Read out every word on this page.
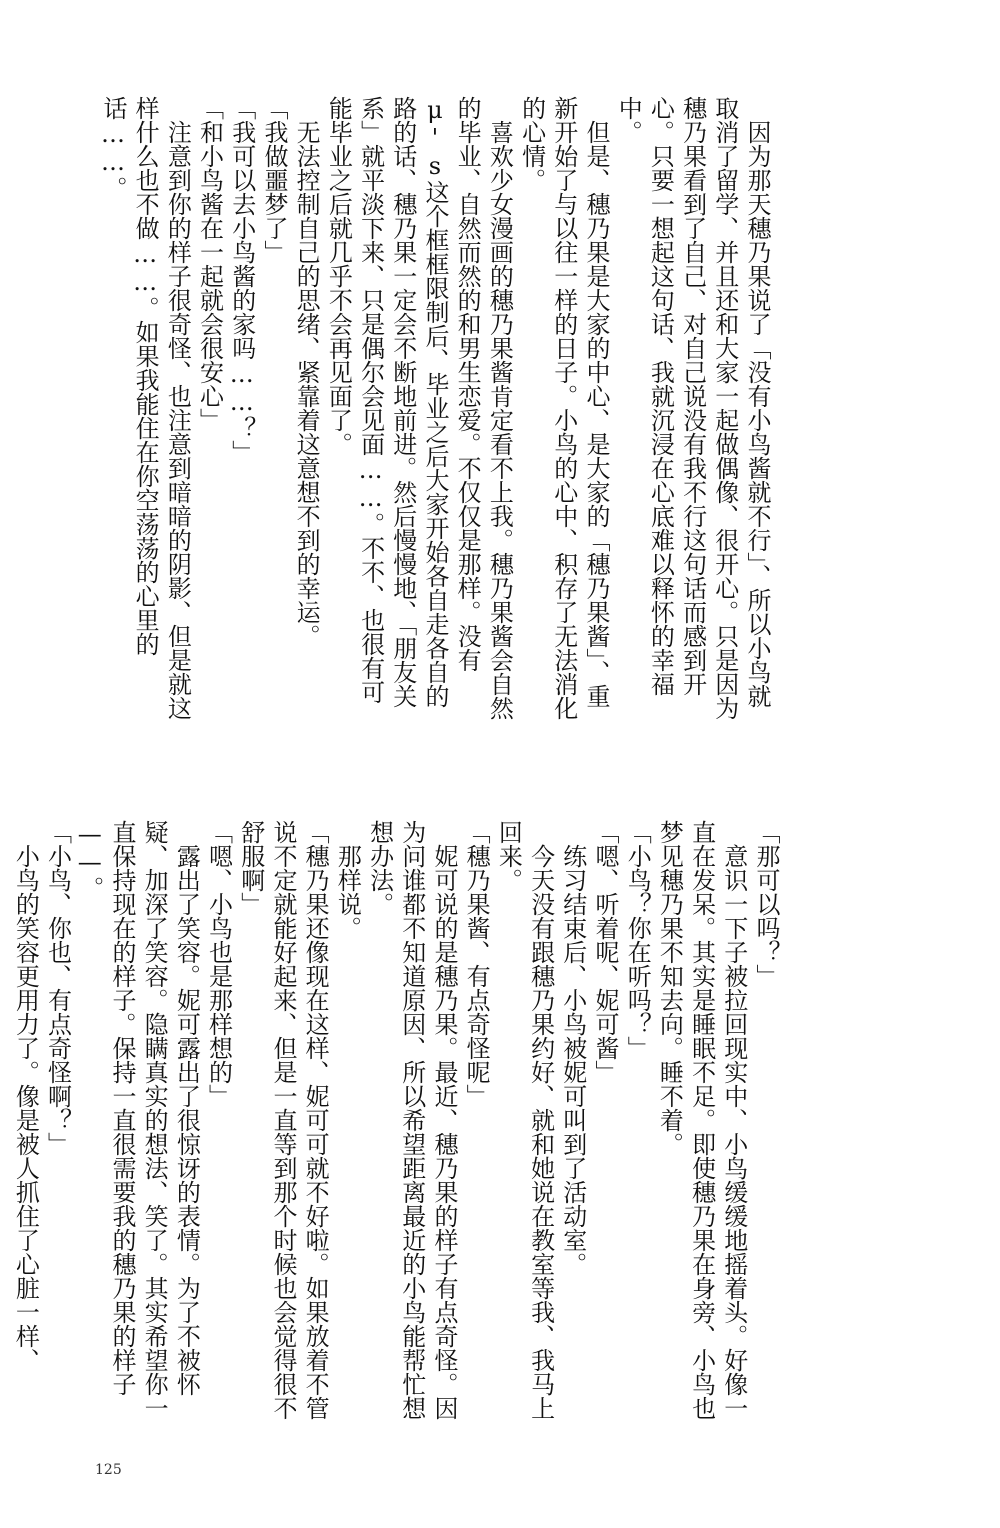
　因为那天穗乃果说了「没有小鸟酱就不行」、所以小鸟就取消了留学、并且还和大家一起做偶像、很开心。只是因为穗乃果看到了自己、对自己说没有我不行这句话而感到开心。只要一想起这句话、我就沉浸在心底难以释怀的幸福中。

　但是、穗乃果是大家的中心、是大家的「穗乃果酱」、重新开始了与以往一样的日子。小鸟的心中、积存了无法消化的心情。

　喜欢少女漫画的穗乃果酱肯定看不上我。穗乃果酱会自然的毕业、自然而然的和男生恋爱。不仅仅是那样。没有μ's这个框框限制后、毕业之后大家开始各自走各自的路的话、穗乃果一定会不断地前进。然后慢慢地、「朋友关系」就平淡下来、只是偶尔会见面……。不不、也很有可能毕业之后就几乎不会再见面了。

　无法控制自己的思绪、紧靠着这意想不到的幸运。

「我做噩梦了」

「我可以去小鸟酱的家吗……？」

「和小鸟酱在一起就会很安心」

　注意到你的样子很奇怪、也注意到暗暗的阴影、但是就这样什么也不做……。如果我能住在你空荡荡的心里的话……。

「那可以吗？」

　意识一下子被拉回现实中、小鸟缓缓地摇着头。好像一直在发呆。其实是睡眠不足。即使穗乃果在身旁、小鸟也梦见穗乃果不知去向。睡不着。

「小鸟？你在听吗？」

「嗯、听着呢、妮可酱」

　练习结束后、小鸟被妮可叫到了活动室。

　今天没有跟穗乃果约好、就和她说在教室等我、我马上回来。

「穗乃果酱、有点奇怪呢」

　妮可说的是穗乃果。最近、穗乃果的样子有点奇怪。因为问谁都不知道原因、所以希望距离最近的小鸟能帮忙想想办法。

　那样说。

「穗乃果还像现在这样、妮可可就不好啦。如果放着不管说不定就能好起来、但是一直等到那个时候也会觉得很不舒服啊」

「嗯、小鸟也是那样想的」

　露出了笑容。妮可露出了很惊讶的表情。为了不被怀疑、加深了笑容。隐瞒真实的想法、笑了。其实希望你一直保持现在的样子。保持一直很需要我的穗乃果的样子——。

「小鸟、你也、有点奇怪啊？」

　小鸟的笑容更用力了。像是被人抓住了心脏一样、

125
